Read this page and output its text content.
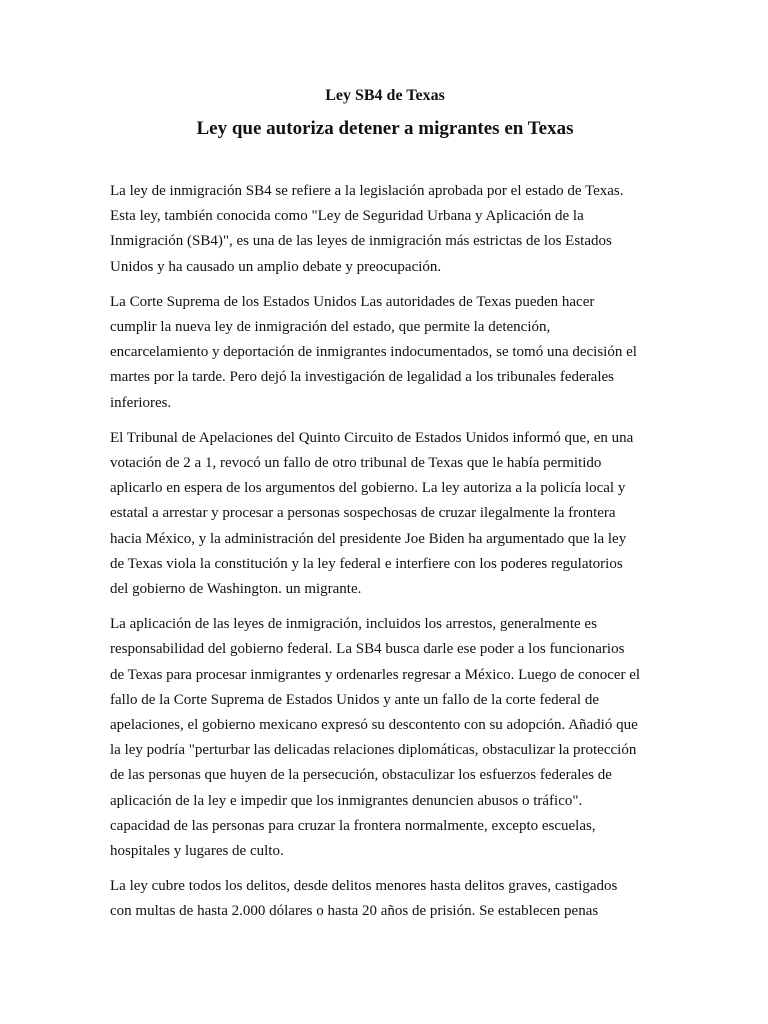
Ley SB4 de Texas
Ley que autoriza detener a migrantes en Texas

La ley de inmigración SB4 se refiere a la legislación aprobada por el estado de Texas.
Esta ley, también conocida como "Ley de Seguridad Urbana y Aplicación de la
Inmigración (SB4)", es una de las leyes de inmigración más estrictas de los Estados
Unidos y ha causado un amplio debate y preocupación.

La Corte Suprema de los Estados Unidos Las autoridades de Texas pueden hacer
cumplir la nueva ley de inmigración del estado, que permite la detención,
encarcelamiento y deportación de inmigrantes indocumentados, se tomó una decisión el
martes por la tarde. Pero dejó la investigación de legalidad a los tribunales federales
inferiores.

El Tribunal de Apelaciones del Quinto Circuito de Estados Unidos informó que, en una
votación de 2 a 1, revocó un fallo de otro tribunal de Texas que le había permitido
aplicarlo en espera de los argumentos del gobierno. La ley autoriza a la policía local y
estatal a arrestar y procesar a personas sospechosas de cruzar ilegalmente la frontera
hacia México, y la administración del presidente Joe Biden ha argumentado que la ley
de Texas viola la constitución y la ley federal e interfiere con los poderes regulatorios
del gobierno de Washington. un migrante.

La aplicación de las leyes de inmigración, incluidos los arrestos, generalmente es
responsabilidad del gobierno federal. La SB4 busca darle ese poder a los funcionarios
de Texas para procesar inmigrantes y ordenarles regresar a México. Luego de conocer el
fallo de la Corte Suprema de Estados Unidos y ante un fallo de la corte federal de
apelaciones, el gobierno mexicano expresó su descontento con su adopción. Añadió que
la ley podría "perturbar las delicadas relaciones diplomáticas, obstaculizar la protección
de las personas que huyen de la persecución, obstaculizar los esfuerzos federales de
aplicación de la ley e impedir que los inmigrantes denuncien abusos o tráfico".
capacidad de las personas para cruzar la frontera normalmente, excepto escuelas,
hospitales y lugares de culto.

La ley cubre todos los delitos, desde delitos menores hasta delitos graves, castigados
con multas de hasta 2.000 dólares o hasta 20 años de prisión. Se establecen penas
